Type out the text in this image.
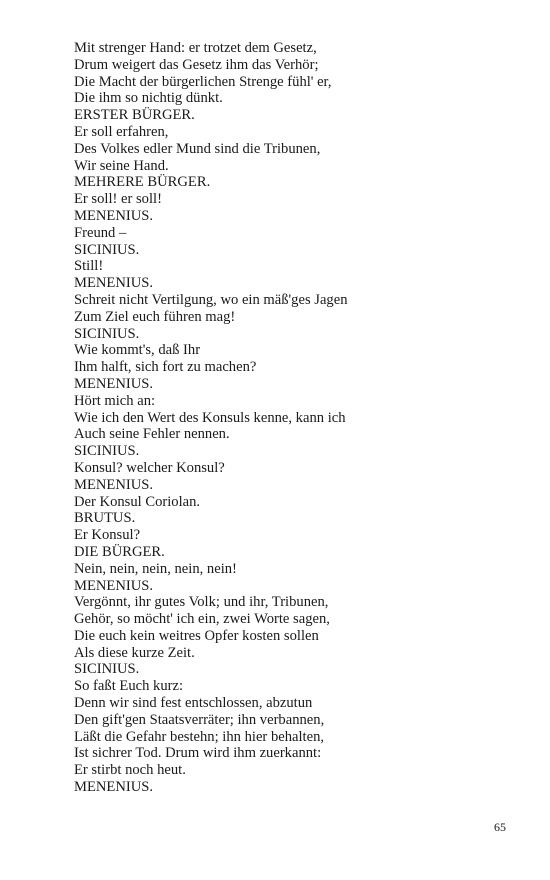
Mit strenger Hand: er trotzet dem Gesetz,
Drum weigert das Gesetz ihm das Verhör;
Die Macht der bürgerlichen Strenge fühl' er,
Die ihm so nichtig dünkt.
ERSTER BÜRGER.
Er soll erfahren,
Des Volkes edler Mund sind die Tribunen,
Wir seine Hand.
MEHRERE BÜRGER.
Er soll! er soll!
MENENIUS.
Freund –
SICINIUS.
Still!
MENENIUS.
Schreit nicht Vertilgung, wo ein mäß'ges Jagen
Zum Ziel euch führen mag!
SICINIUS.
Wie kommt's, daß Ihr
Ihm halft, sich fort zu machen?
MENENIUS.
Hört mich an:
Wie ich den Wert des Konsuls kenne, kann ich
Auch seine Fehler nennen.
SICINIUS.
Konsul? welcher Konsul?
MENENIUS.
Der Konsul Coriolan.
BRUTUS.
Er Konsul?
DIE BÜRGER.
Nein, nein, nein, nein, nein!
MENENIUS.
Vergönnt, ihr gutes Volk; und ihr, Tribunen,
Gehör, so möcht' ich ein, zwei Worte sagen,
Die euch kein weitres Opfer kosten sollen
Als diese kurze Zeit.
SICINIUS.
So faßt Euch kurz:
Denn wir sind fest entschlossen, abzutun
Den gift'gen Staatsverräter; ihn verbannen,
Läßt die Gefahr bestehn; ihn hier behalten,
Ist sichrer Tod. Drum wird ihm zuerkannt:
Er stirbt noch heut.
MENENIUS.
65
